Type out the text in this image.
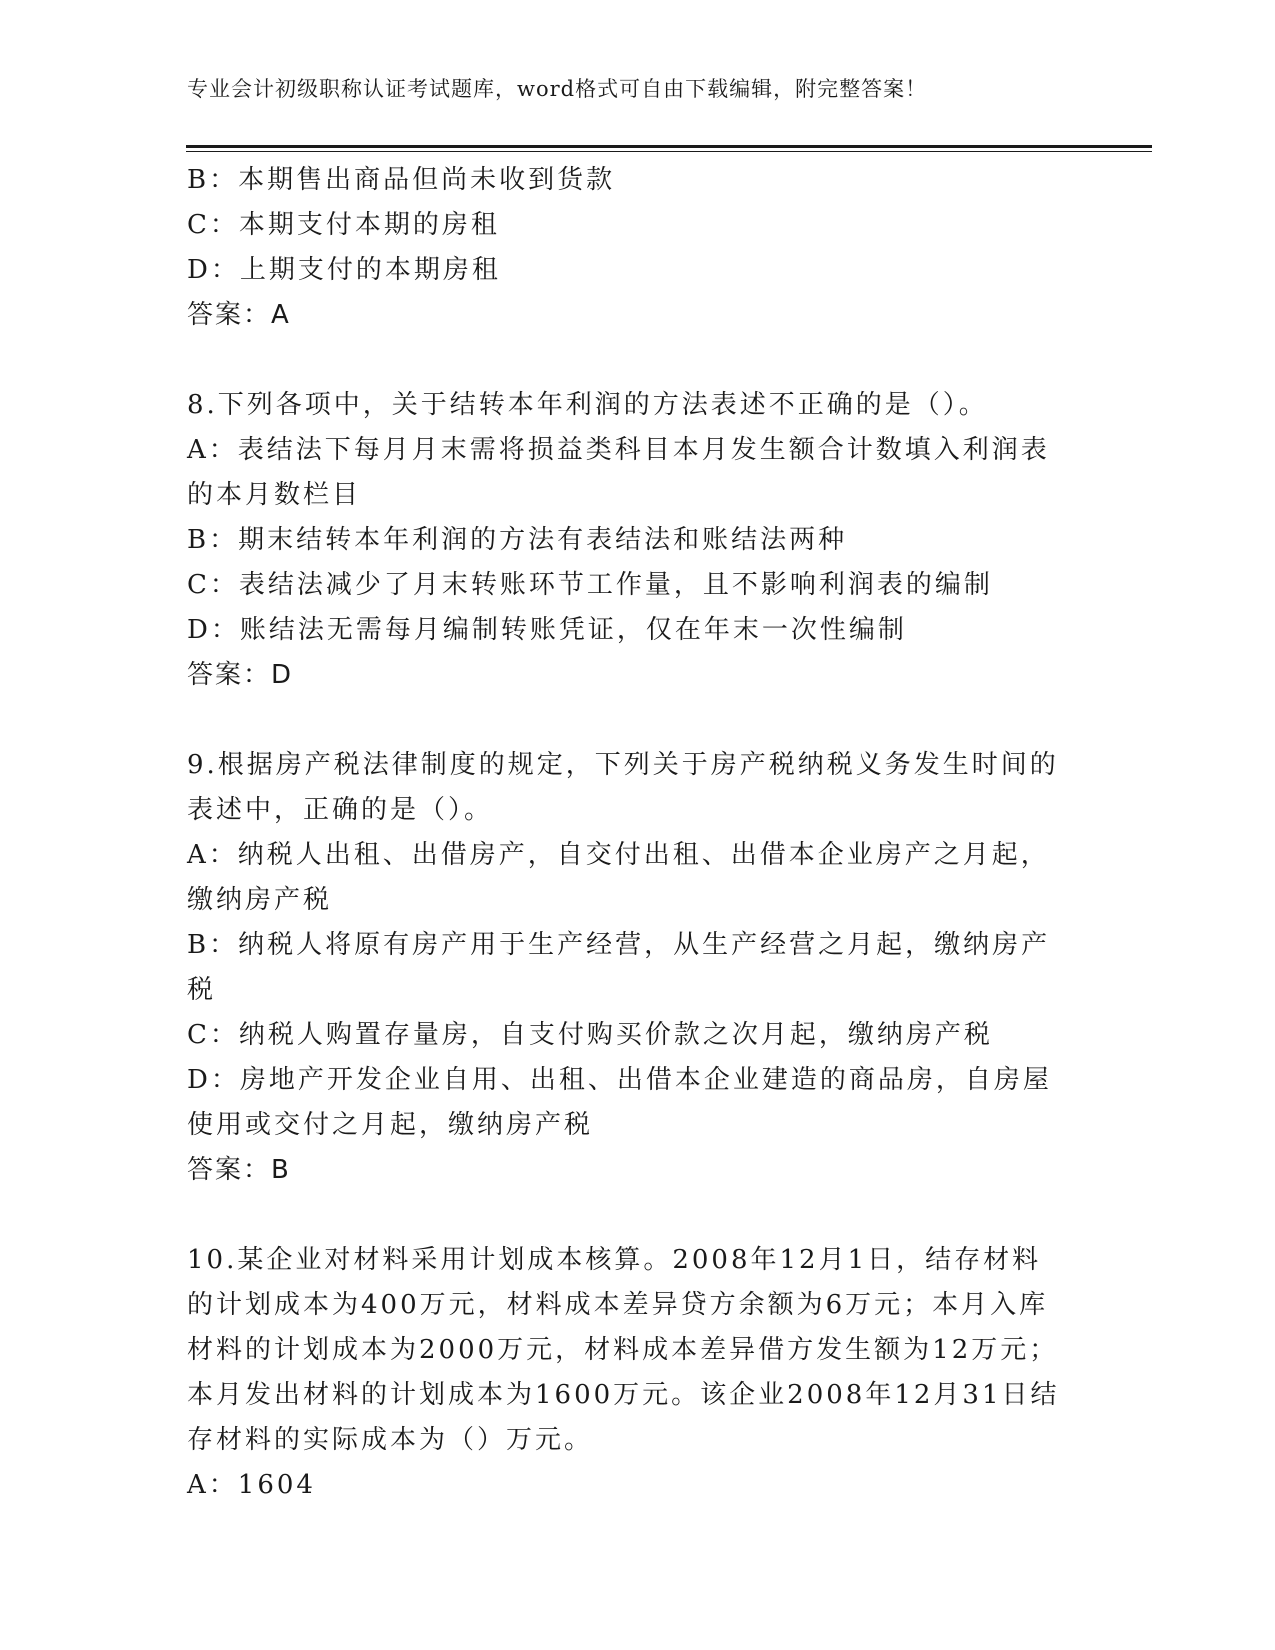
专业会计初级职称认证考试题库，word格式可自由下载编辑，附完整答案！

B：本期售出商品但尚未收到货款

C：本期支付本期的房租

D：上期支付的本期房租

答案：A

8.下列各项中，关于结转本年利润的方法表述不正确的是（）。

A：表结法下每月月末需将损益类科目本月发生额合计数填入利润表的本月数栏目

B：期末结转本年利润的方法有表结法和账结法两种

C：表结法减少了月末转账环节工作量，且不影响利润表的编制

D：账结法无需每月编制转账凭证，仅在年末一次性编制

答案：D

9.根据房产税法律制度的规定，下列关于房产税纳税义务发生时间的表述中，正确的是（）。

A：纳税人出租、出借房产，自交付出租、出借本企业房产之月起，缴纳房产税

B：纳税人将原有房产用于生产经营，从生产经营之月起，缴纳房产税

C：纳税人购置存量房，自支付购买价款之次月起，缴纳房产税

D：房地产开发企业自用、出租、出借本企业建造的商品房，自房屋使用或交付之月起，缴纳房产税

答案：B

10.某企业对材料采用计划成本核算。2008年12月1日，结存材料的计划成本为400万元，材料成本差异贷方余额为6万元；本月入库材料的计划成本为2000万元，材料成本差异借方发生额为12万元；本月发出材料的计划成本为1600万元。该企业2008年12月31日结存材料的实际成本为（）万元。

A：1604
